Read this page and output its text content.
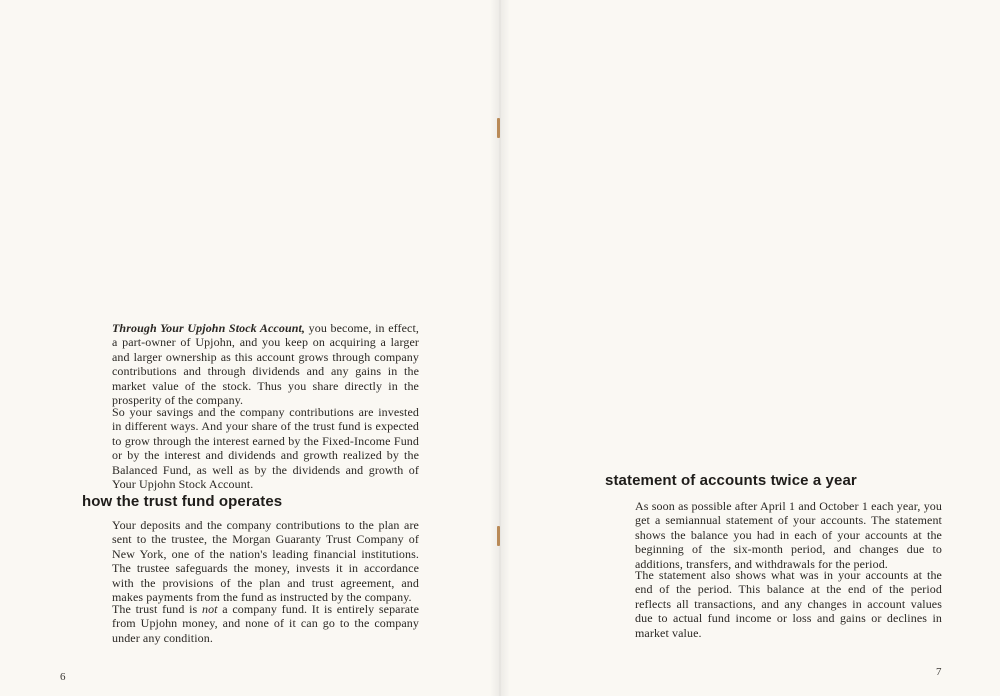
Through Your Upjohn Stock Account, you become, in effect, a part-owner of Upjohn, and you keep on acquiring a larger and larger ownership as this account grows through company contributions and through dividends and any gains in the market value of the stock. Thus you share directly in the prosperity of the company.

So your savings and the company contributions are invested in different ways. And your share of the trust fund is expected to grow through the interest earned by the Fixed-Income Fund or by the interest and dividends and growth realized by the Balanced Fund, as well as by the dividends and growth of Your Upjohn Stock Account.

how the trust fund operates

Your deposits and the company contributions to the plan are sent to the trustee, the Morgan Guaranty Trust Company of New York, one of the nation's leading financial institutions. The trustee safeguards the money, invests it in accordance with the provisions of the plan and trust agreement, and makes payments from the fund as instructed by the company.

The trust fund is not a company fund. It is entirely separate from Upjohn money, and none of it can go to the company under any condition.

6
statement of accounts twice a year

As soon as possible after April 1 and October 1 each year, you get a semiannual statement of your accounts. The statement shows the balance you had in each of your accounts at the beginning of the six-month period, and changes due to additions, transfers, and withdrawals for the period.

The statement also shows what was in your accounts at the end of the period. This balance at the end of the period reflects all transactions, and any changes in account values due to actual fund income or loss and gains or declines in market value.

7
